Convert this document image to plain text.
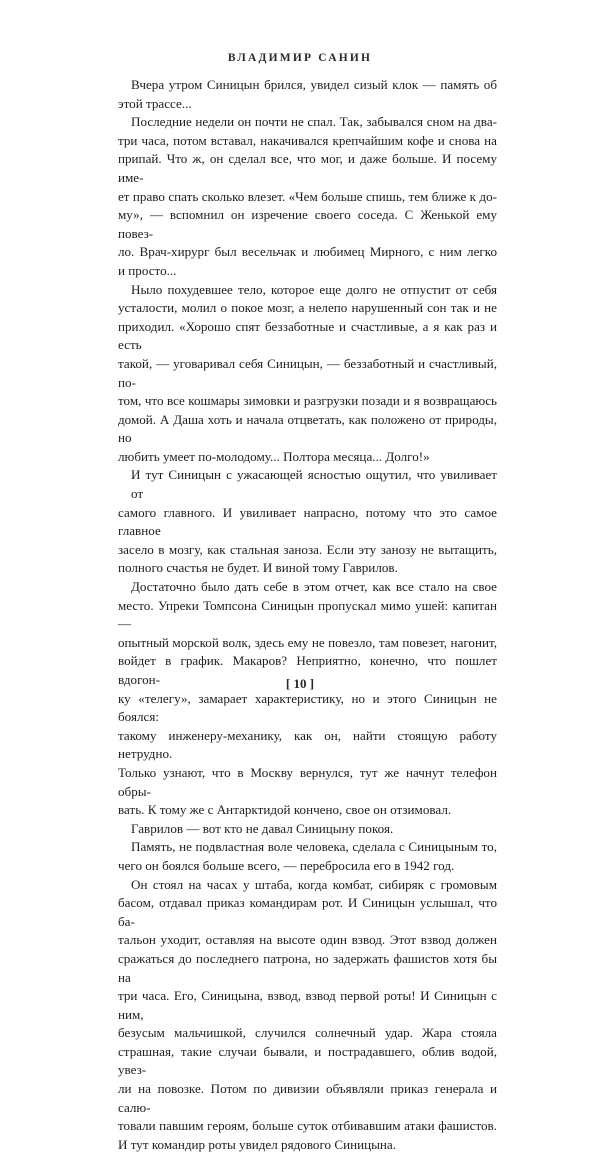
ВЛАДИМИР САНИН

Вчера утром Синицын брился, увидел сизый клок — память об
этой трассе...

Последние недели он почти не спал. Так, забывался сном на два-
три часа, потом вставал, накачивался крепчайшим кофе и снова на
припай. Что ж, он сделал все, что мог, и даже больше. И посему име-
ет право спать сколько влезет. «Чем больше спишь, тем ближе к до-
му», — вспомнил он изречение своего соседа. С Женькой ему повез-
ло. Врач-хирург был весельчак и любимец Мирного, с ним легко
и просто...

Ныло похудевшее тело, которое еще долго не отпустит от себя
усталости, молил о покое мозг, а нелепо нарушенный сон так и не
приходил. «Хорошо спят беззаботные и счастливые, а я как раз и есть
такой, — уговаривал себя Синицын, — беззаботный и счастливый, по-
том, что все кошмары зимовки и разгрузки позади и я возвращаюсь
домой. А Даша хоть и начала отцветать, как положено от природы, но
любить умеет по-молодому... Полтора месяца... Долго!»

И тут Синицын с ужасающей ясностью ощутил, что увиливает от
самого главного. И увиливает напрасно, потому что это самое главное
засело в мозгу, как стальная заноза. Если эту занозу не вытащить,
полного счастья не будет. И виной тому Гаврилов.

Достаточно было дать себе в этом отчет, как все стало на свое
место. Упреки Томпсона Синицын пропускал мимо ушей: капитан —
опытный морской волк, здесь ему не повезло, там повезет, нагонит,
войдет в график. Макаров? Неприятно, конечно, что пошлет вдогон-
ку «телегу», замарает характеристику, но и этого Синицын не боялся:
такому инженеру-механику, как он, найти стоящую работу нетрудно.
Только узнают, что в Москву вернулся, тут же начнут телефон обры-
вать. К тому же с Антарктидой кончено, свое он отзимовал.

Гаврилов — вот кто не давал Синицыну покоя.

Память, не подвластная воле человека, сделала с Синицыным то,
чего он боялся больше всего, — перебросила его в 1942 год.

Он стоял на часах у штаба, когда комбат, сибиряк с громовым
басом, отдавал приказ командирам рот. И Синицын услышал, что ба-
тальон уходит, оставляя на высоте один взвод. Этот взвод должен
сражаться до последнего патрона, но задержать фашистов хотя бы на
три часа. Его, Синицына, взвод, взвод первой роты! И Синицын с ним,
безусым мальчишкой, случился солнечный удар. Жара стояла
страшная, такие случаи бывали, и пострадавшего, облив водой, увез-
ли на повозке. Потом по дивизии объявляли приказ генерала и салю-
товали павшим героям, больше суток отбивавшим атаки фашистов.
И тут командир роты увидел рядового Синицына.

[ 10 ]
